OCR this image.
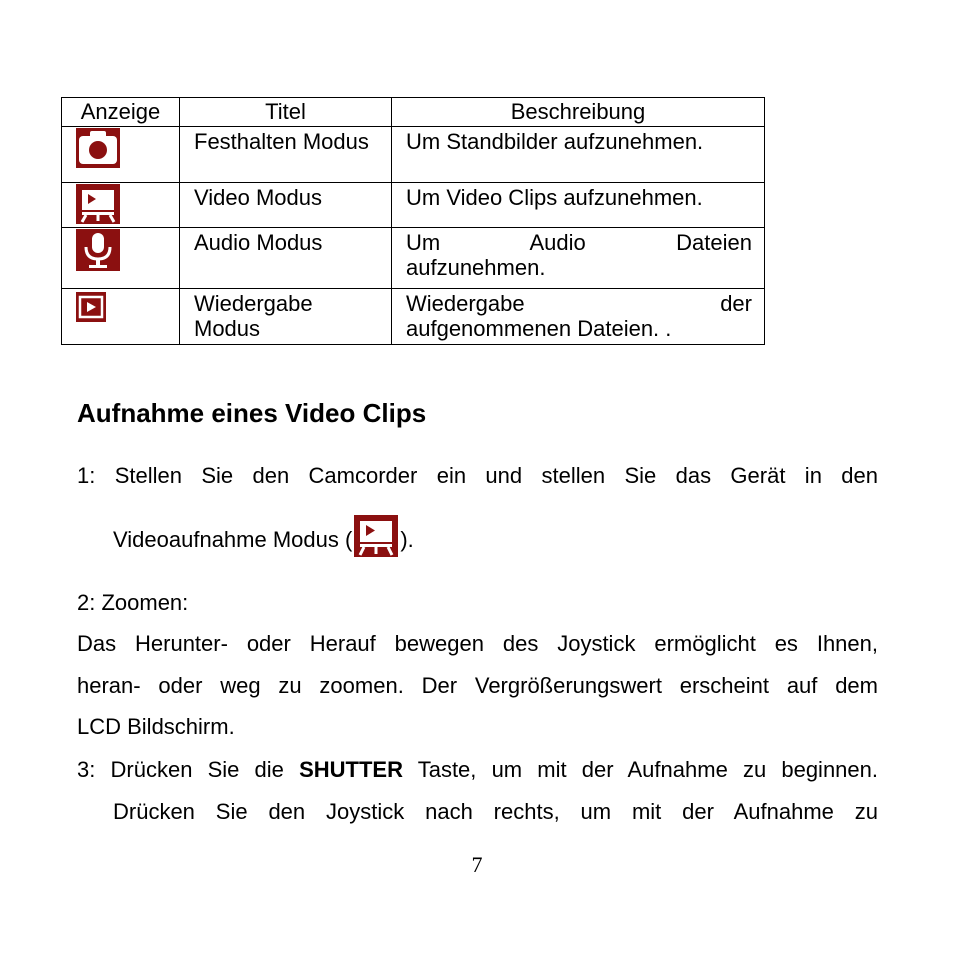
Anzeige	Titel	Beschreibung

	Festhalten Modus	Um Standbilder aufzunehmen.

	Video Modus	Um Video Clips aufzunehmen.

	Audio Modus	Um Audio Dateien
aufzunehmen.

	Wiedergabe Modus	Wiedergabe der
aufgenommenen Dateien. .
Aufnahme eines Video Clips
1: Stellen Sie den Camcorder ein und stellen Sie das Gerät in den
Videoaufnahme Modus ( ).
2: Zoomen:
Das Herunter- oder Herauf bewegen des Joystick ermöglicht es Ihnen,
heran- oder weg zu zoomen. Der Vergrößerungswert erscheint auf dem
LCD Bildschirm.
3: Drücken Sie die SHUTTER Taste, um mit der Aufnahme zu beginnen.
Drücken Sie den Joystick nach rechts, um mit der Aufnahme zu
7
